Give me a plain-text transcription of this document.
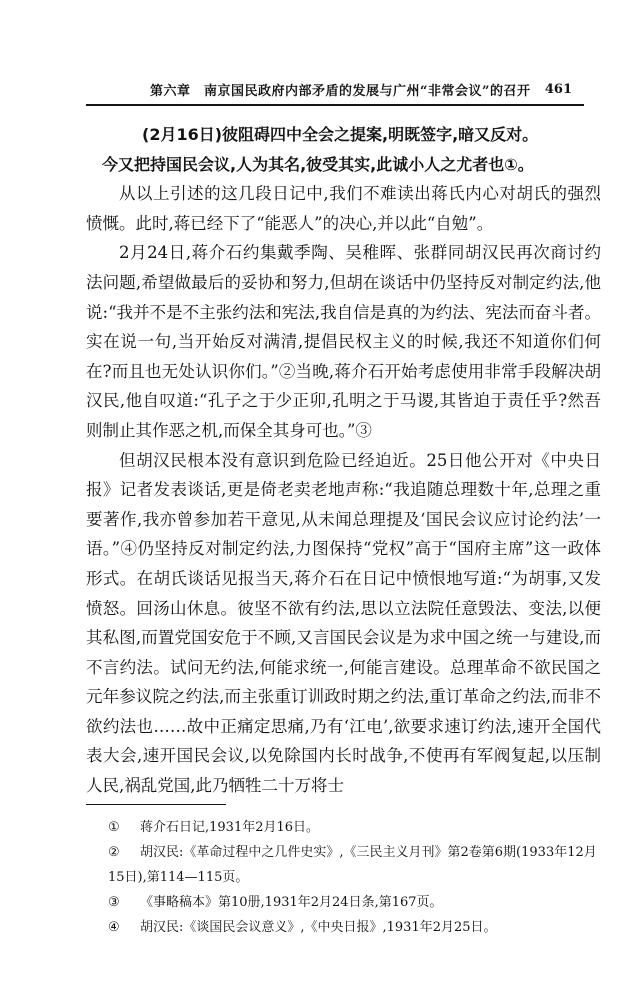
第六章　南京国民政府内部矛盾的发展与广州“非常会议”的召开 461

(2月16日)彼阻碍四中全会之提案,明既签字,暗又反对。

今又把持国民会议,人为其名,彼受其实,此诚小人之尤者也①。

从以上引述的这几段日记中,我们不难读出蒋氏内心对胡氏的强烈愤慨。此时,蒋已经下了“能恶人”的决心,并以此“自勉”。

2月24日,蒋介石约集戴季陶、吴稚晖、张群同胡汉民再次商讨约法问题,希望做最后的妥协和努力,但胡在谈话中仍坚持反对制定约法,他说:“我并不是不主张约法和宪法,我自信是真的为约法、宪法而奋斗者。实在说一句,当开始反对满清,提倡民权主义的时候,我还不知道你们何在?而且也无处认识你们。”②当晚,蒋介石开始考虑使用非常手段解决胡汉民,他自叹道:“孔子之于少正卯,孔明之于马谡,其皆迫于责任乎?然吾则制止其作恶之机,而保全其身可也。”③

但胡汉民根本没有意识到危险已经迫近。25日他公开对《中央日报》记者发表谈话,更是倚老卖老地声称:“我追随总理数十年,总理之重要著作,我亦曾参加若干意见,从未闻总理提及‘国民会议应讨论约法’一语。”④仍坚持反对制定约法,力图保持“党权”高于“国府主席”这一政体形式。在胡氏谈话见报当天,蒋介石在日记中愤恨地写道:“为胡事,又发愤怒。回汤山休息。彼坚不欲有约法,思以立法院任意毁法、变法,以便其私图,而置党国安危于不顾,又言国民会议是为求中国之统一与建设,而不言约法。试问无约法,何能求统一,何能言建设。总理革命不欲民国之元年参议院之约法,而主张重订训政时期之约法,重订革命之约法,而非不欲约法也……故中正痛定思痛,乃有‘江电’,欲要求速订约法,速开全国代表大会,速开国民会议,以免除国内长时战争,不使再有军阀复起,以压制人民,祸乱党国,此乃牺牲二十万将士

① 蒋介石日记,1931年2月16日。

② 胡汉民:《革命过程中之几件史实》,《三民主义月刊》第2卷第6期(1933年12月15日),第114—115页。

③ 《事略稿本》第10册,1931年2月24日条,第167页。

④ 胡汉民:《谈国民会议意义》,《中央日报》,1931年2月25日。
